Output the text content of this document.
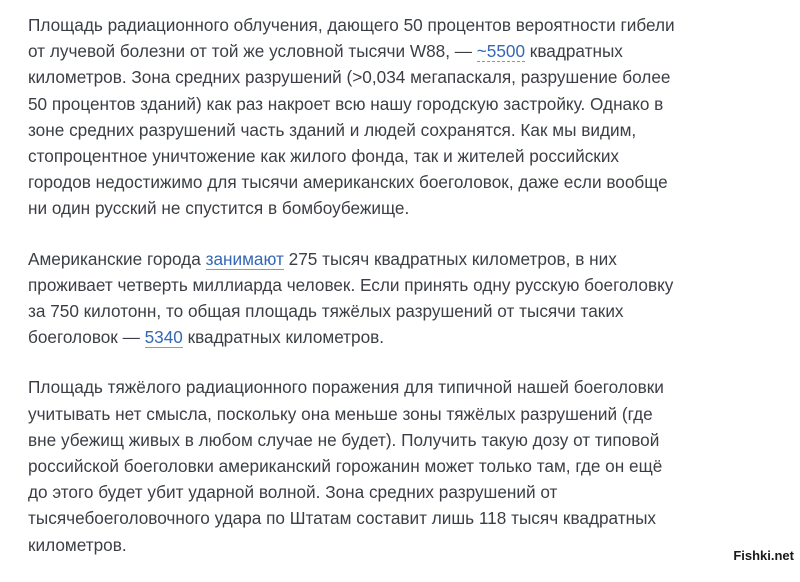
Площадь радиационного облучения, дающего 50 процентов вероятности гибели
от лучевой болезни от той же условной тысячи W88, — ~5500 квадратных
километров. Зона средних разрушений (>0,034 мегапаскаля, разрушение более
50 процентов зданий) как раз накроет всю нашу городскую застройку. Однако в
зоне средних разрушений часть зданий и людей сохранятся. Как мы видим,
стопроцентное уничтожение как жилого фонда, так и жителей российских
городов недостижимо для тысячи американских боеголовок, даже если вообще
ни один русский не спустится в бомбоубежище.

Американские города занимают 275 тысяч квадратных километров, в них
проживает четверть миллиарда человек. Если принять одну русскую боеголовку
за 750 килотонн, то общая площадь тяжёлых разрушений от тысячи таких
боеголовок — 5340 квадратных километров.

Площадь тяжёлого радиационного поражения для типичной нашей боеголовки
учитывать нет смысла, поскольку она меньше зоны тяжёлых разрушений (где
вне убежищ живых в любом случае не будет). Получить такую дозу от типовой
российской боеголовки американский горожанин может только там, где он ещё
до этого будет убит ударной волной. Зона средних разрушений от
тысячебоеголовочного удара по Штатам составит лишь 118 тысяч квадратных
километров.

Fishki.net
